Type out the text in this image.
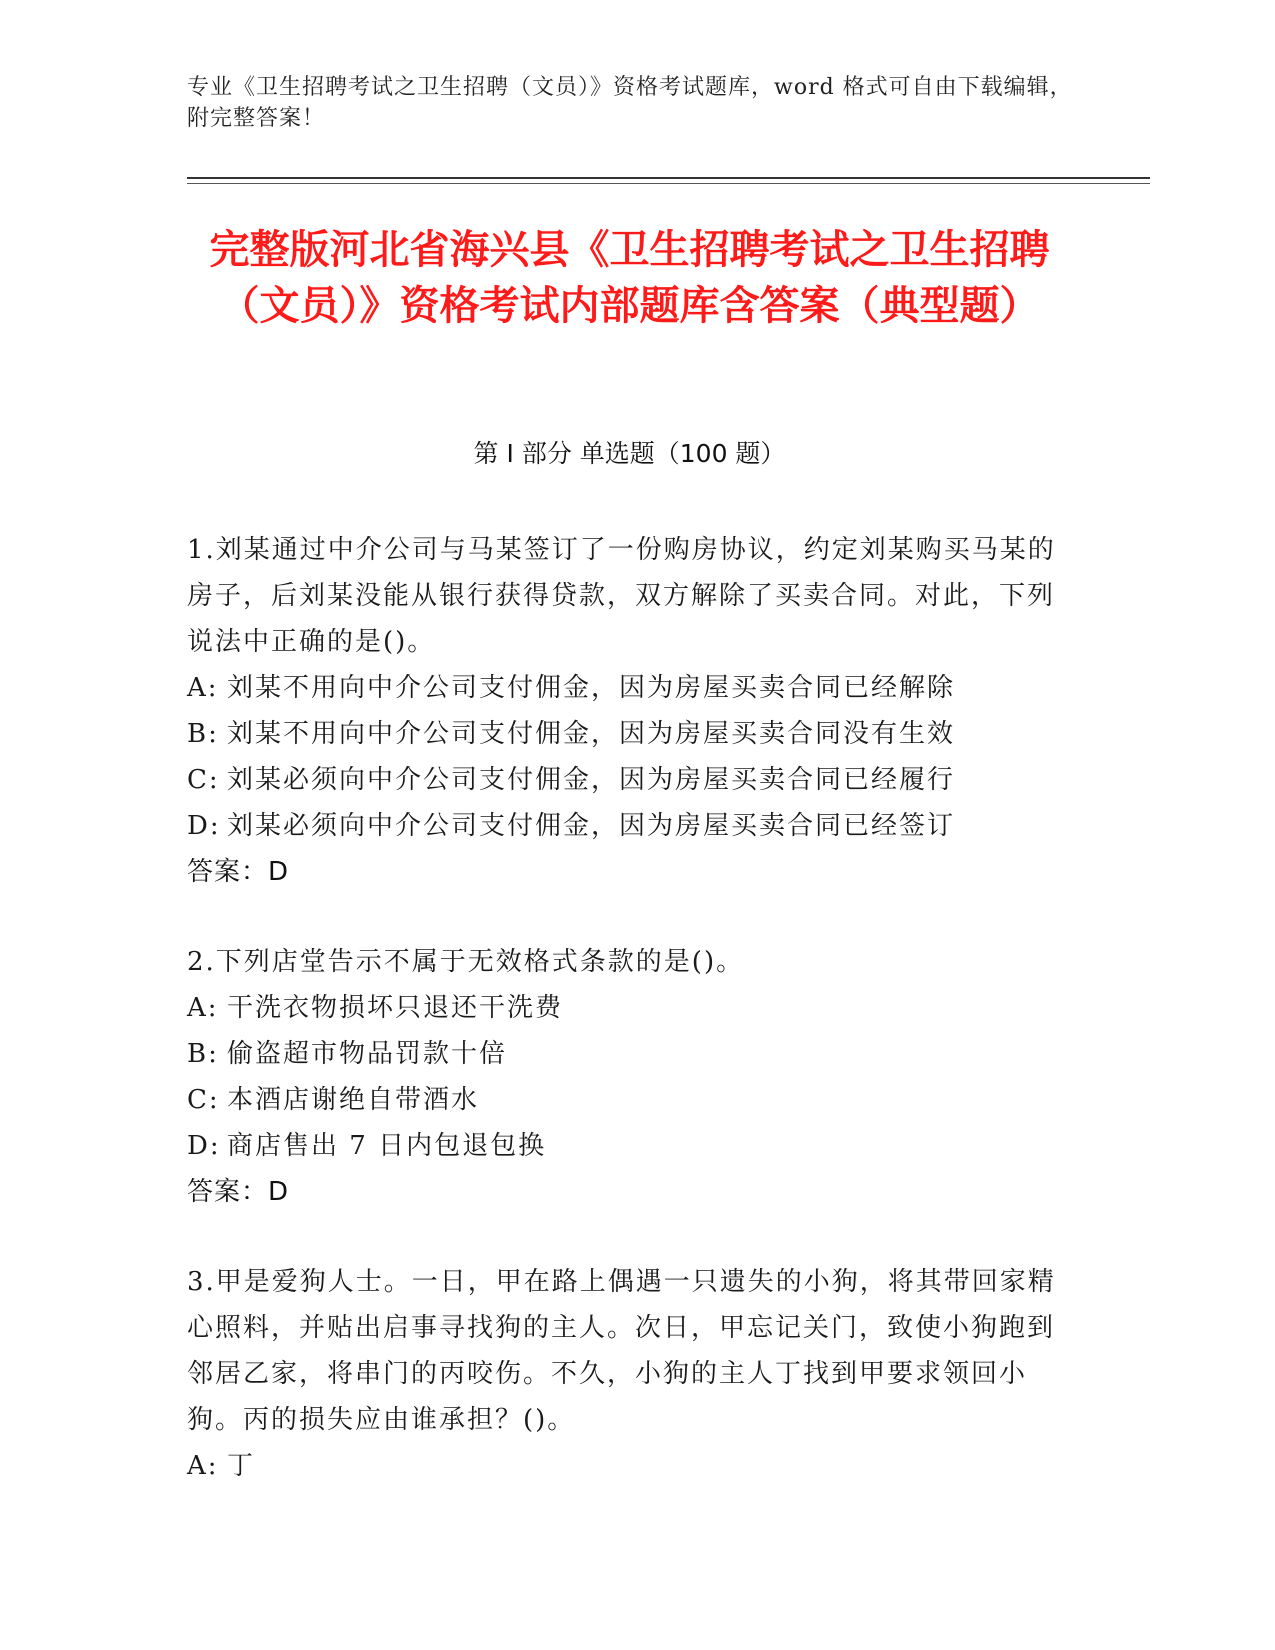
专业《卫生招聘考试之卫生招聘（文员）》资格考试题库，word 格式可自由下载编辑，附完整答案！
完整版河北省海兴县《卫生招聘考试之卫生招聘（文员）》资格考试内部题库含答案（典型题）
第 I 部分 单选题（100 题）
1.刘某通过中介公司与马某签订了一份购房协议，约定刘某购买马某的房子，后刘某没能从银行获得贷款，双方解除了买卖合同。对此，下列说法中正确的是()。
A: 刘某不用向中介公司支付佣金，因为房屋买卖合同已经解除
B: 刘某不用向中介公司支付佣金，因为房屋买卖合同没有生效
C: 刘某必须向中介公司支付佣金，因为房屋买卖合同已经履行
D: 刘某必须向中介公司支付佣金，因为房屋买卖合同已经签订
答案：D
2.下列店堂告示不属于无效格式条款的是()。
A: 干洗衣物损坏只退还干洗费
B: 偷盗超市物品罚款十倍
C: 本酒店谢绝自带酒水
D: 商店售出 7 日内包退包换
答案：D
3.甲是爱狗人士。一日，甲在路上偶遇一只遗失的小狗，将其带回家精心照料，并贴出启事寻找狗的主人。次日，甲忘记关门，致使小狗跑到邻居乙家，将串门的丙咬伤。不久，小狗的主人丁找到甲要求领回小狗。丙的损失应由谁承担？()。
A: 丁
